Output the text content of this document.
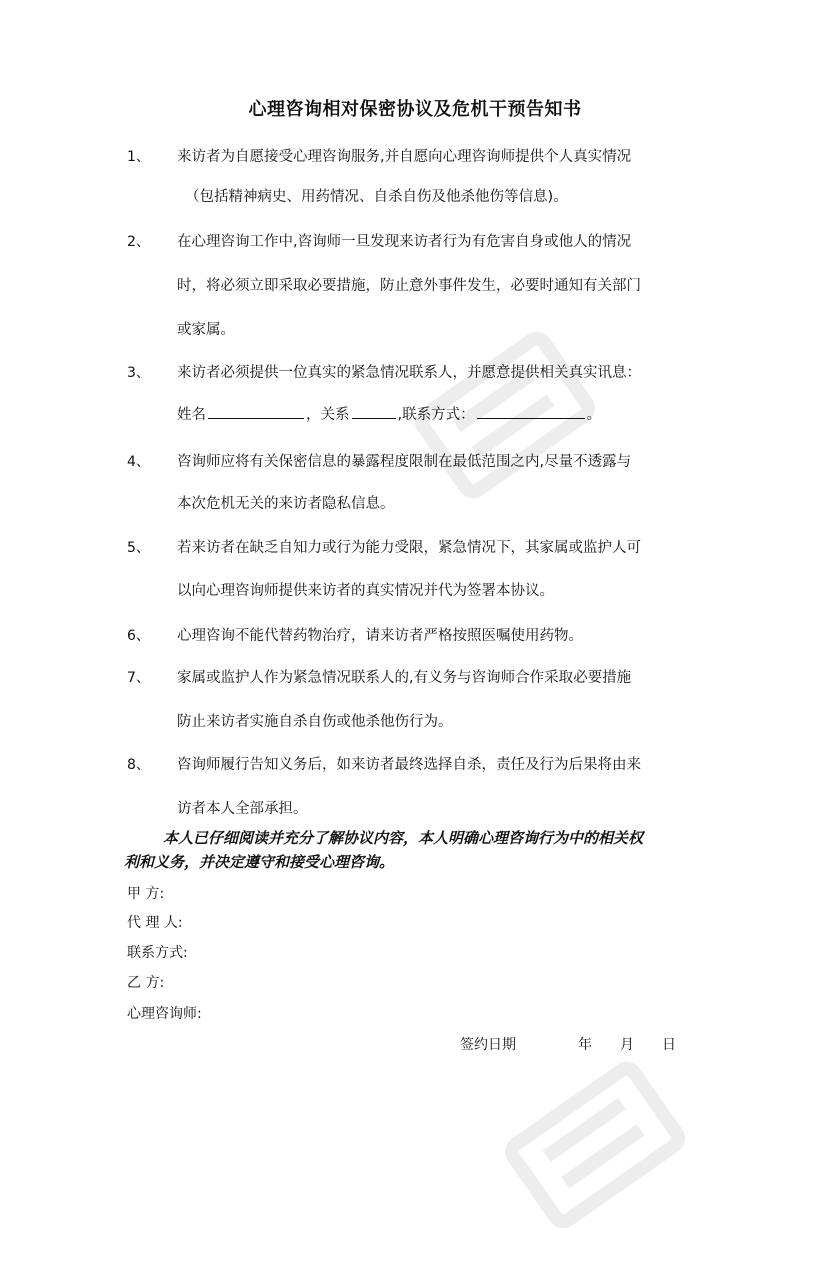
心理咨询相对保密协议及危机干预告知书
1、 来访者为自愿接受心理咨询服务,并自愿向心理咨询师提供个人真实情况
（包括精神病史、用药情况、自杀自伤及他杀他伤等信息)。
2、 在心理咨询工作中,咨询师一旦发现来访者行为有危害自身或他人的情况
时，将必须立即采取必要措施，防止意外事件发生，必要时通知有关部门
或家属。
3、 来访者必须提供一位真实的紧急情况联系人，并愿意提供相关真实讯息：
姓名	，关系	,联系方式：	。
4、 咨询师应将有关保密信息的暴露程度限制在最低范围之内,尽量不透露与
本次危机无关的来访者隐私信息。
5、 若来访者在缺乏自知力或行为能力受限，紧急情况下，其家属或监护人可
以向心理咨询师提供来访者的真实情况并代为签署本协议。
6、 心理咨询不能代替药物治疗，请来访者严格按照医嘱使用药物。
7、 家属或监护人作为紧急情况联系人的,有义务与咨询师合作采取必要措施
防止来访者实施自杀自伤或他杀他伤行为。
8、 咨询师履行告知义务后，如来访者最终选择自杀，责任及行为后果将由来
访者本人全部承担。
本人已仔细阅读并充分了解协议内容，本人明确心理咨询行为中的相关权
利和义务，并决定遵守和接受心理咨询。
甲 方:
代 理 人:
联系方式:
乙 方:
心理咨询师:
签约日期	年 月 日
